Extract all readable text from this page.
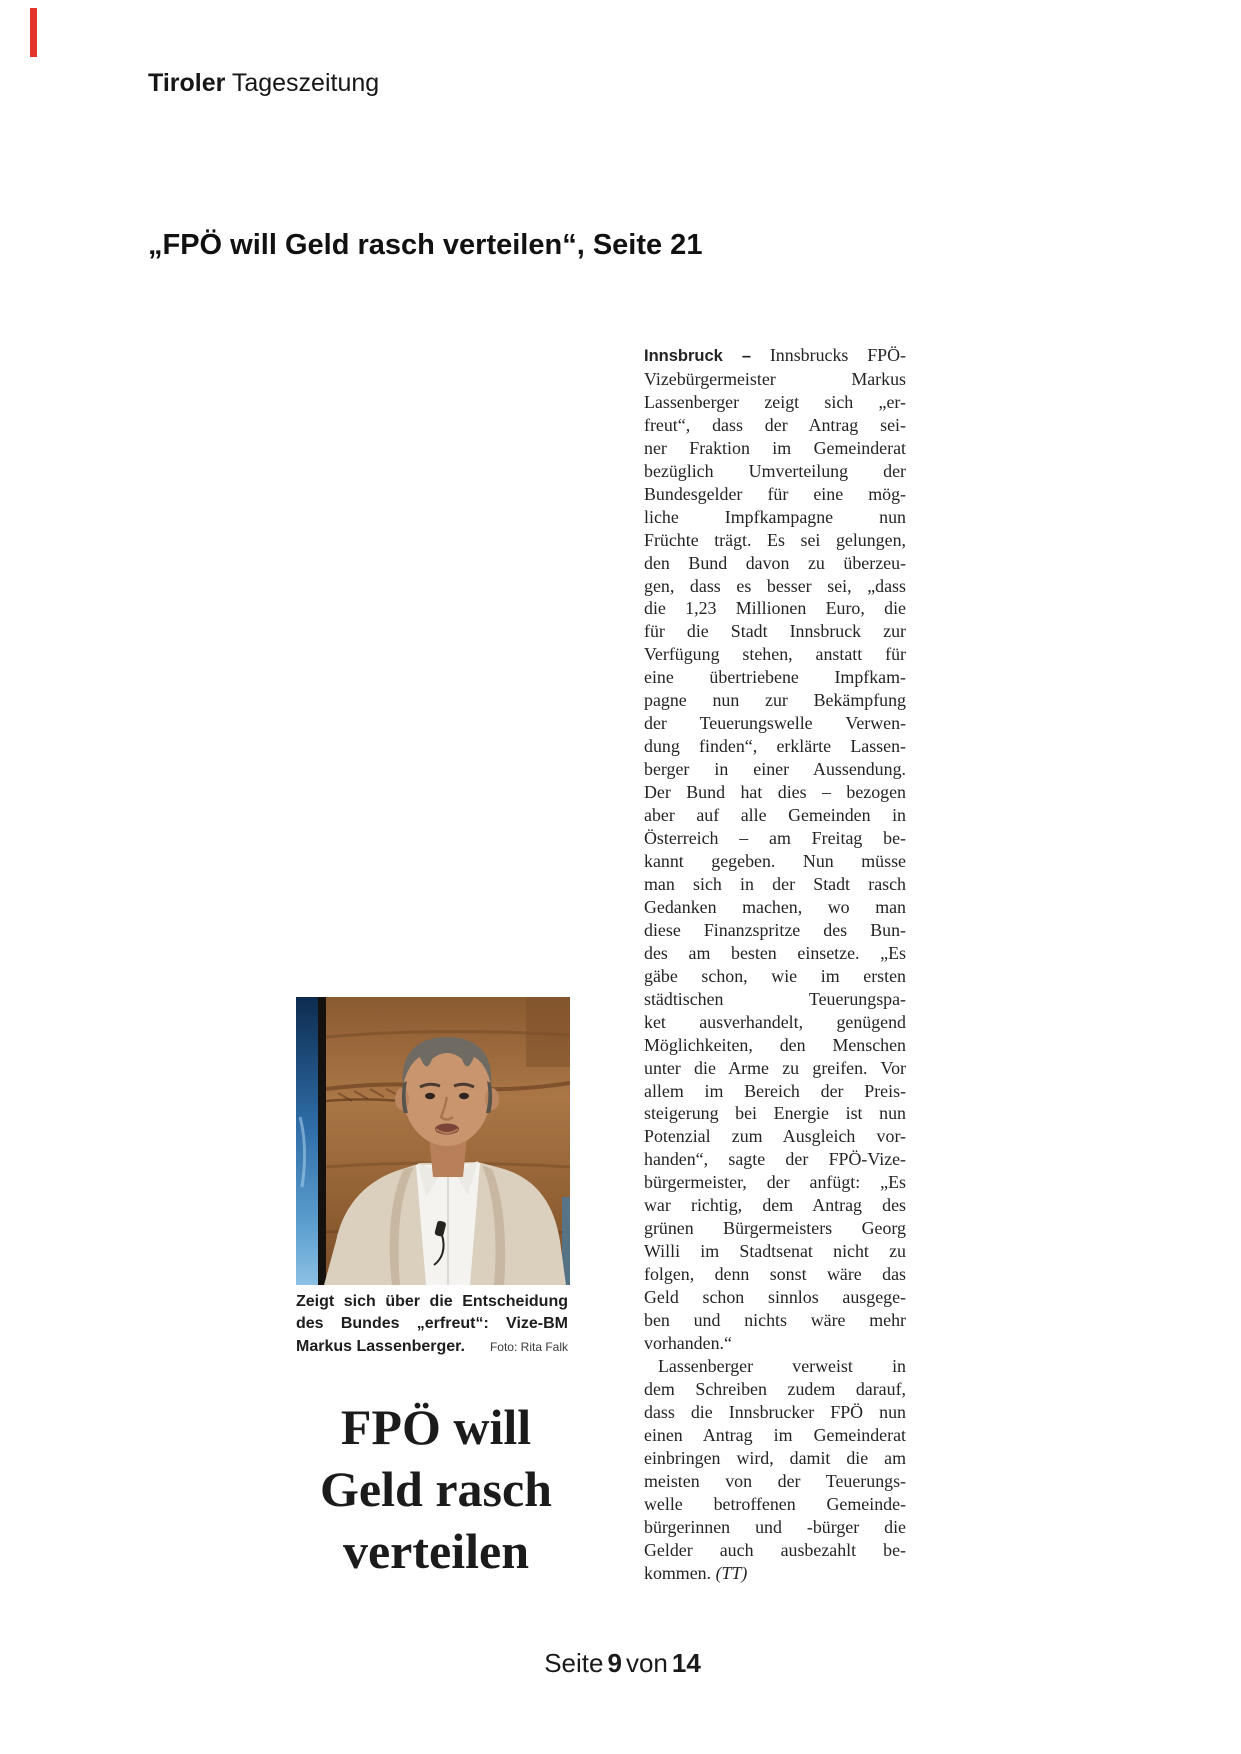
Tiroler Tageszeitung
„FPÖ will Geld rasch verteilen“, Seite 21
Zeigt sich über die Entscheidung
des Bundes „erfreut“: Vize-BM
Markus Lassenberger. Foto: Rita Falk
FPÖ will
Geld rasch
verteilen
Innsbruck – Innsbrucks FPÖ-
Vizebürgermeister Markus
Lassenberger zeigt sich „er-
freut“, dass der Antrag sei-
ner Fraktion im Gemeinderat
bezüglich Umverteilung der
Bundesgelder für eine mög-
liche Impfkampagne nun
Früchte trägt. Es sei gelungen,
den Bund davon zu überzeu-
gen, dass es besser sei, „dass
die 1,23 Millionen Euro, die
für die Stadt Innsbruck zur
Verfügung stehen, anstatt für
eine übertriebene Impfkam-
pagne nun zur Bekämpfung
der Teuerungswelle Verwen-
dung finden“, erklärte Lassen-
berger in einer Aussendung.
Der Bund hat dies – bezogen
aber auf alle Gemeinden in
Österreich – am Freitag be-
kannt gegeben. Nun müsse
man sich in der Stadt rasch
Gedanken machen, wo man
diese Finanzspritze des Bun-
des am besten einsetze. „Es
gäbe schon, wie im ersten
städtischen Teuerungspa-
ket ausverhandelt, genügend
Möglichkeiten, den Menschen
unter die Arme zu greifen. Vor
allem im Bereich der Preis-
steigerung bei Energie ist nun
Potenzial zum Ausgleich vor-
handen“, sagte der FPÖ-Vize-
bürgermeister, der anfügt: „Es
war richtig, dem Antrag des
grünen Bürgermeisters Georg
Willi im Stadtsenat nicht zu
folgen, denn sonst wäre das
Geld schon sinnlos ausgege-
ben und nichts wäre mehr
vorhanden.“
Lassenberger verweist in
dem Schreiben zudem darauf,
dass die Innsbrucker FPÖ nun
einen Antrag im Gemeinderat
einbringen wird, damit die am
meisten von der Teuerungs-
welle betroffenen Gemeinde-
bürgerinnen und -bürger die
Gelder auch ausbezahlt be-
kommen. (TT)
Seite 9 von 14
